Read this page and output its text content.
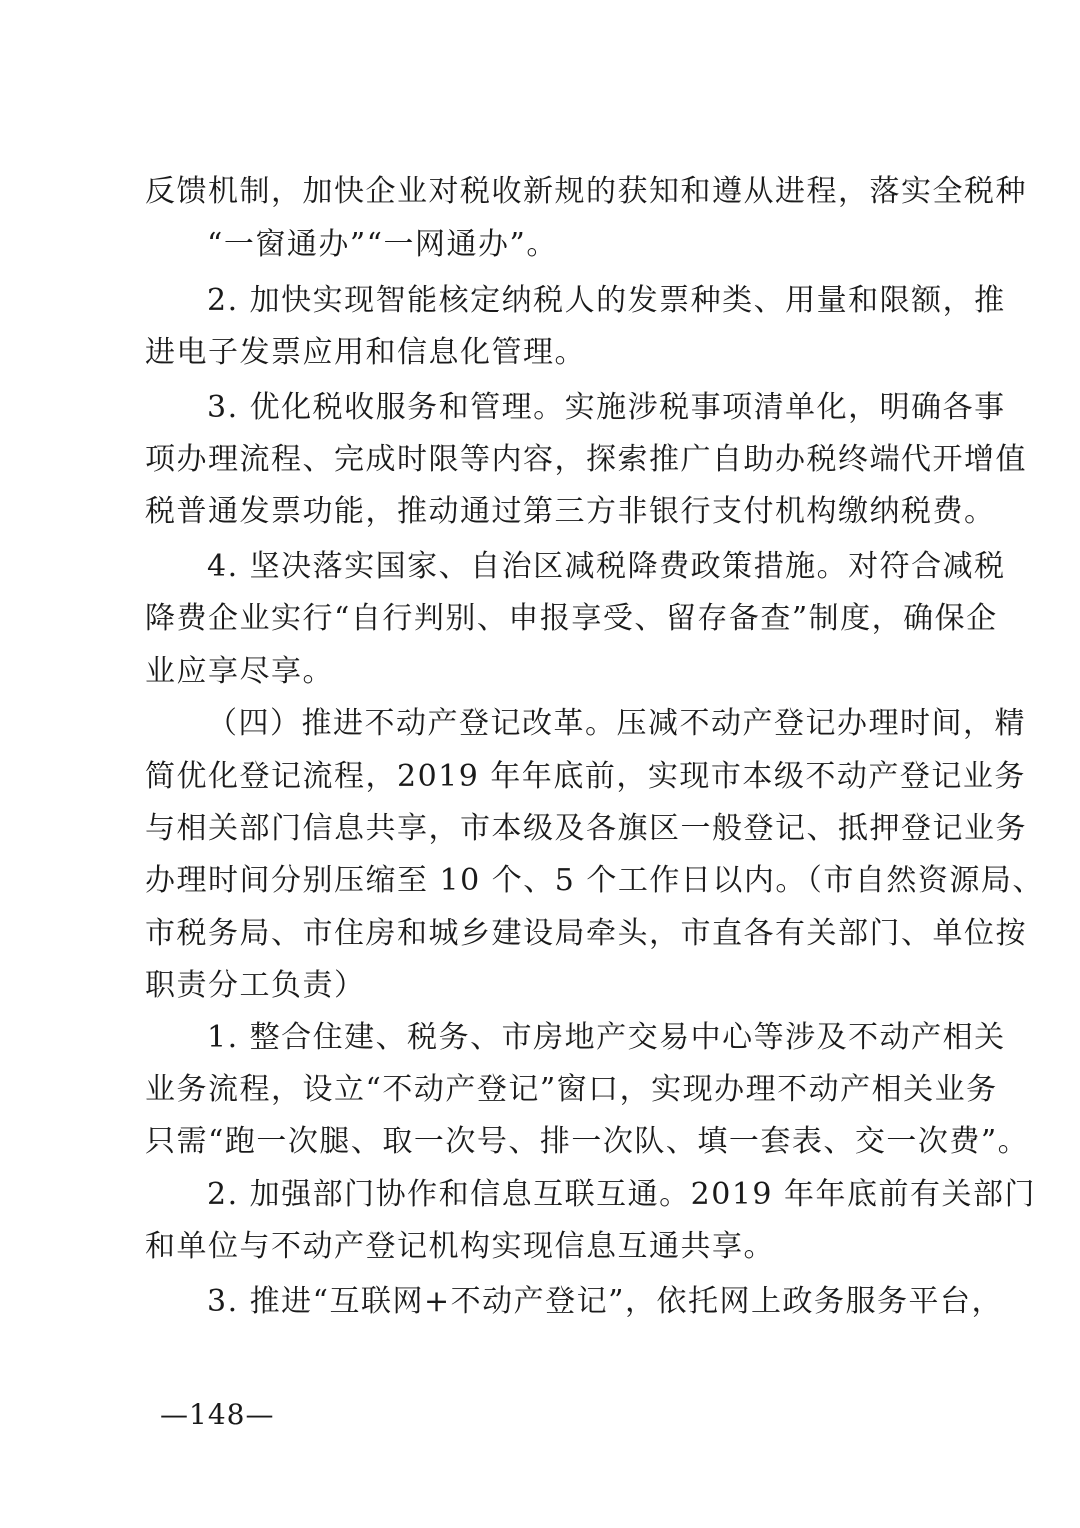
反馈机制，加快企业对税收新规的获知和遵从进程，落实全税种
“一窗通办”“一网通办”。
2. 加快实现智能核定纳税人的发票种类、用量和限额，推
进电子发票应用和信息化管理。
3. 优化税收服务和管理。实施涉税事项清单化，明确各事
项办理流程、完成时限等内容，探索推广自助办税终端代开增值
税普通发票功能，推动通过第三方非银行支付机构缴纳税费。
4. 坚决落实国家、自治区减税降费政策措施。对符合减税
降费企业实行“自行判别、申报享受、留存备查”制度，确保企
业应享尽享。
（四）推进不动产登记改革。压减不动产登记办理时间，精
简优化登记流程，2019 年年底前，实现市本级不动产登记业务
与相关部门信息共享，市本级及各旗区一般登记、抵押登记业务
办理时间分别压缩至 10 个、5 个工作日以内。（市自然资源局、
市税务局、市住房和城乡建设局牵头，市直各有关部门、单位按
职责分工负责）
1. 整合住建、税务、市房地产交易中心等涉及不动产相关
业务流程，设立“不动产登记”窗口，实现办理不动产相关业务
只需“跑一次腿、取一次号、排一次队、填一套表、交一次费”。
2. 加强部门协作和信息互联互通。2019 年年底前有关部门
和单位与不动产登记机构实现信息互通共享。
3. 推进“互联网+不动产登记”，依托网上政务服务平台，
—148—
